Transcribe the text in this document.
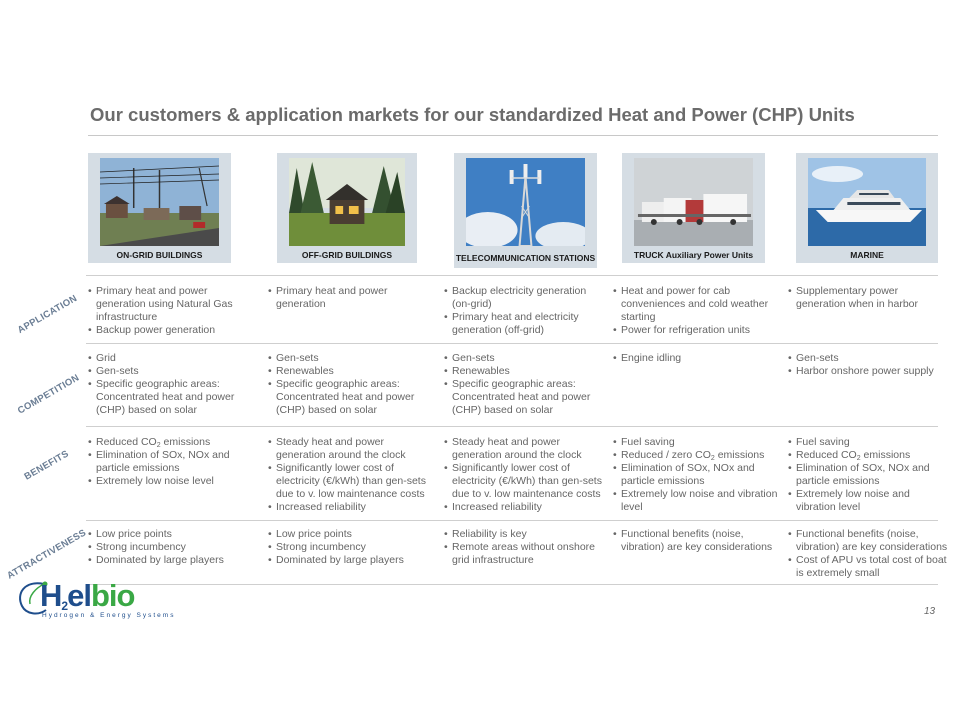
Our customers & application markets for our standardized Heat and Power (CHP) Units
ON-GRID BUILDINGS	OFF-GRID BUILDINGS	TELECOMMUNICATION STATIONS	TRUCK Auxiliary Power Units	MARINE
APPLICATION
COMPETITION
BENEFITS
ATTRACTIVENESS
• Primary heat and power generation using Natural Gas infrastructure
• Backup power generation
• Primary heat and power generation
• Backup electricity generation (on-grid)
• Primary heat and electricity generation (off-grid)
• Heat and power for cab conveniences and cold weather starting
• Power for refrigeration units
• Supplementary power generation when in harbor
• Grid
• Gen-sets
• Specific geographic areas: Concentrated heat and power (CHP) based on solar
• Gen-sets
• Renewables
• Specific geographic areas: Concentrated heat and power (CHP) based on solar
• Gen-sets
• Renewables
• Specific geographic areas: Concentrated heat and power (CHP) based on solar
• Engine idling
•	Gen-sets
• Harbor onshore power supply
• Reduced $CO_2$ emissions
• Elimination of SOx, NOx and particle emissions
• Extremely low noise level
• Steady heat and power generation around the clock
• Significantly lower cost of electricity (€/kWh) than gen-sets due to v. low maintenance costs
• Increased reliability
• Steady heat and power generation around the clock
• Significantly lower cost of electricity (€/kWh) than gen-sets due to v. low maintenance costs
• Increased reliability
• Fuel saving
• Reduced / zero $CO_2$ emissions
• Elimination of SOx, NOx and particle emissions
• Extremely low noise and vibration level
• Fuel saving
• Reduced $CO_2$ emissions
• Elimination of SOx, NOx and particle emissions
• Extremely low noise and vibration level
• Low price points
• Strong incumbency
• Dominated by large players
• Low price points
• Strong incumbency
• Dominated by large players
• Reliability is key
• Remote areas without onshore grid infrastructure
• Functional benefits (noise, vibration) are key considerations
• Functional benefits (noise, vibration) are key considerations
• Cost of APU vs total cost of boat is extremely small
$H_2elbio$
Hydrogen & Energy Systems	13
